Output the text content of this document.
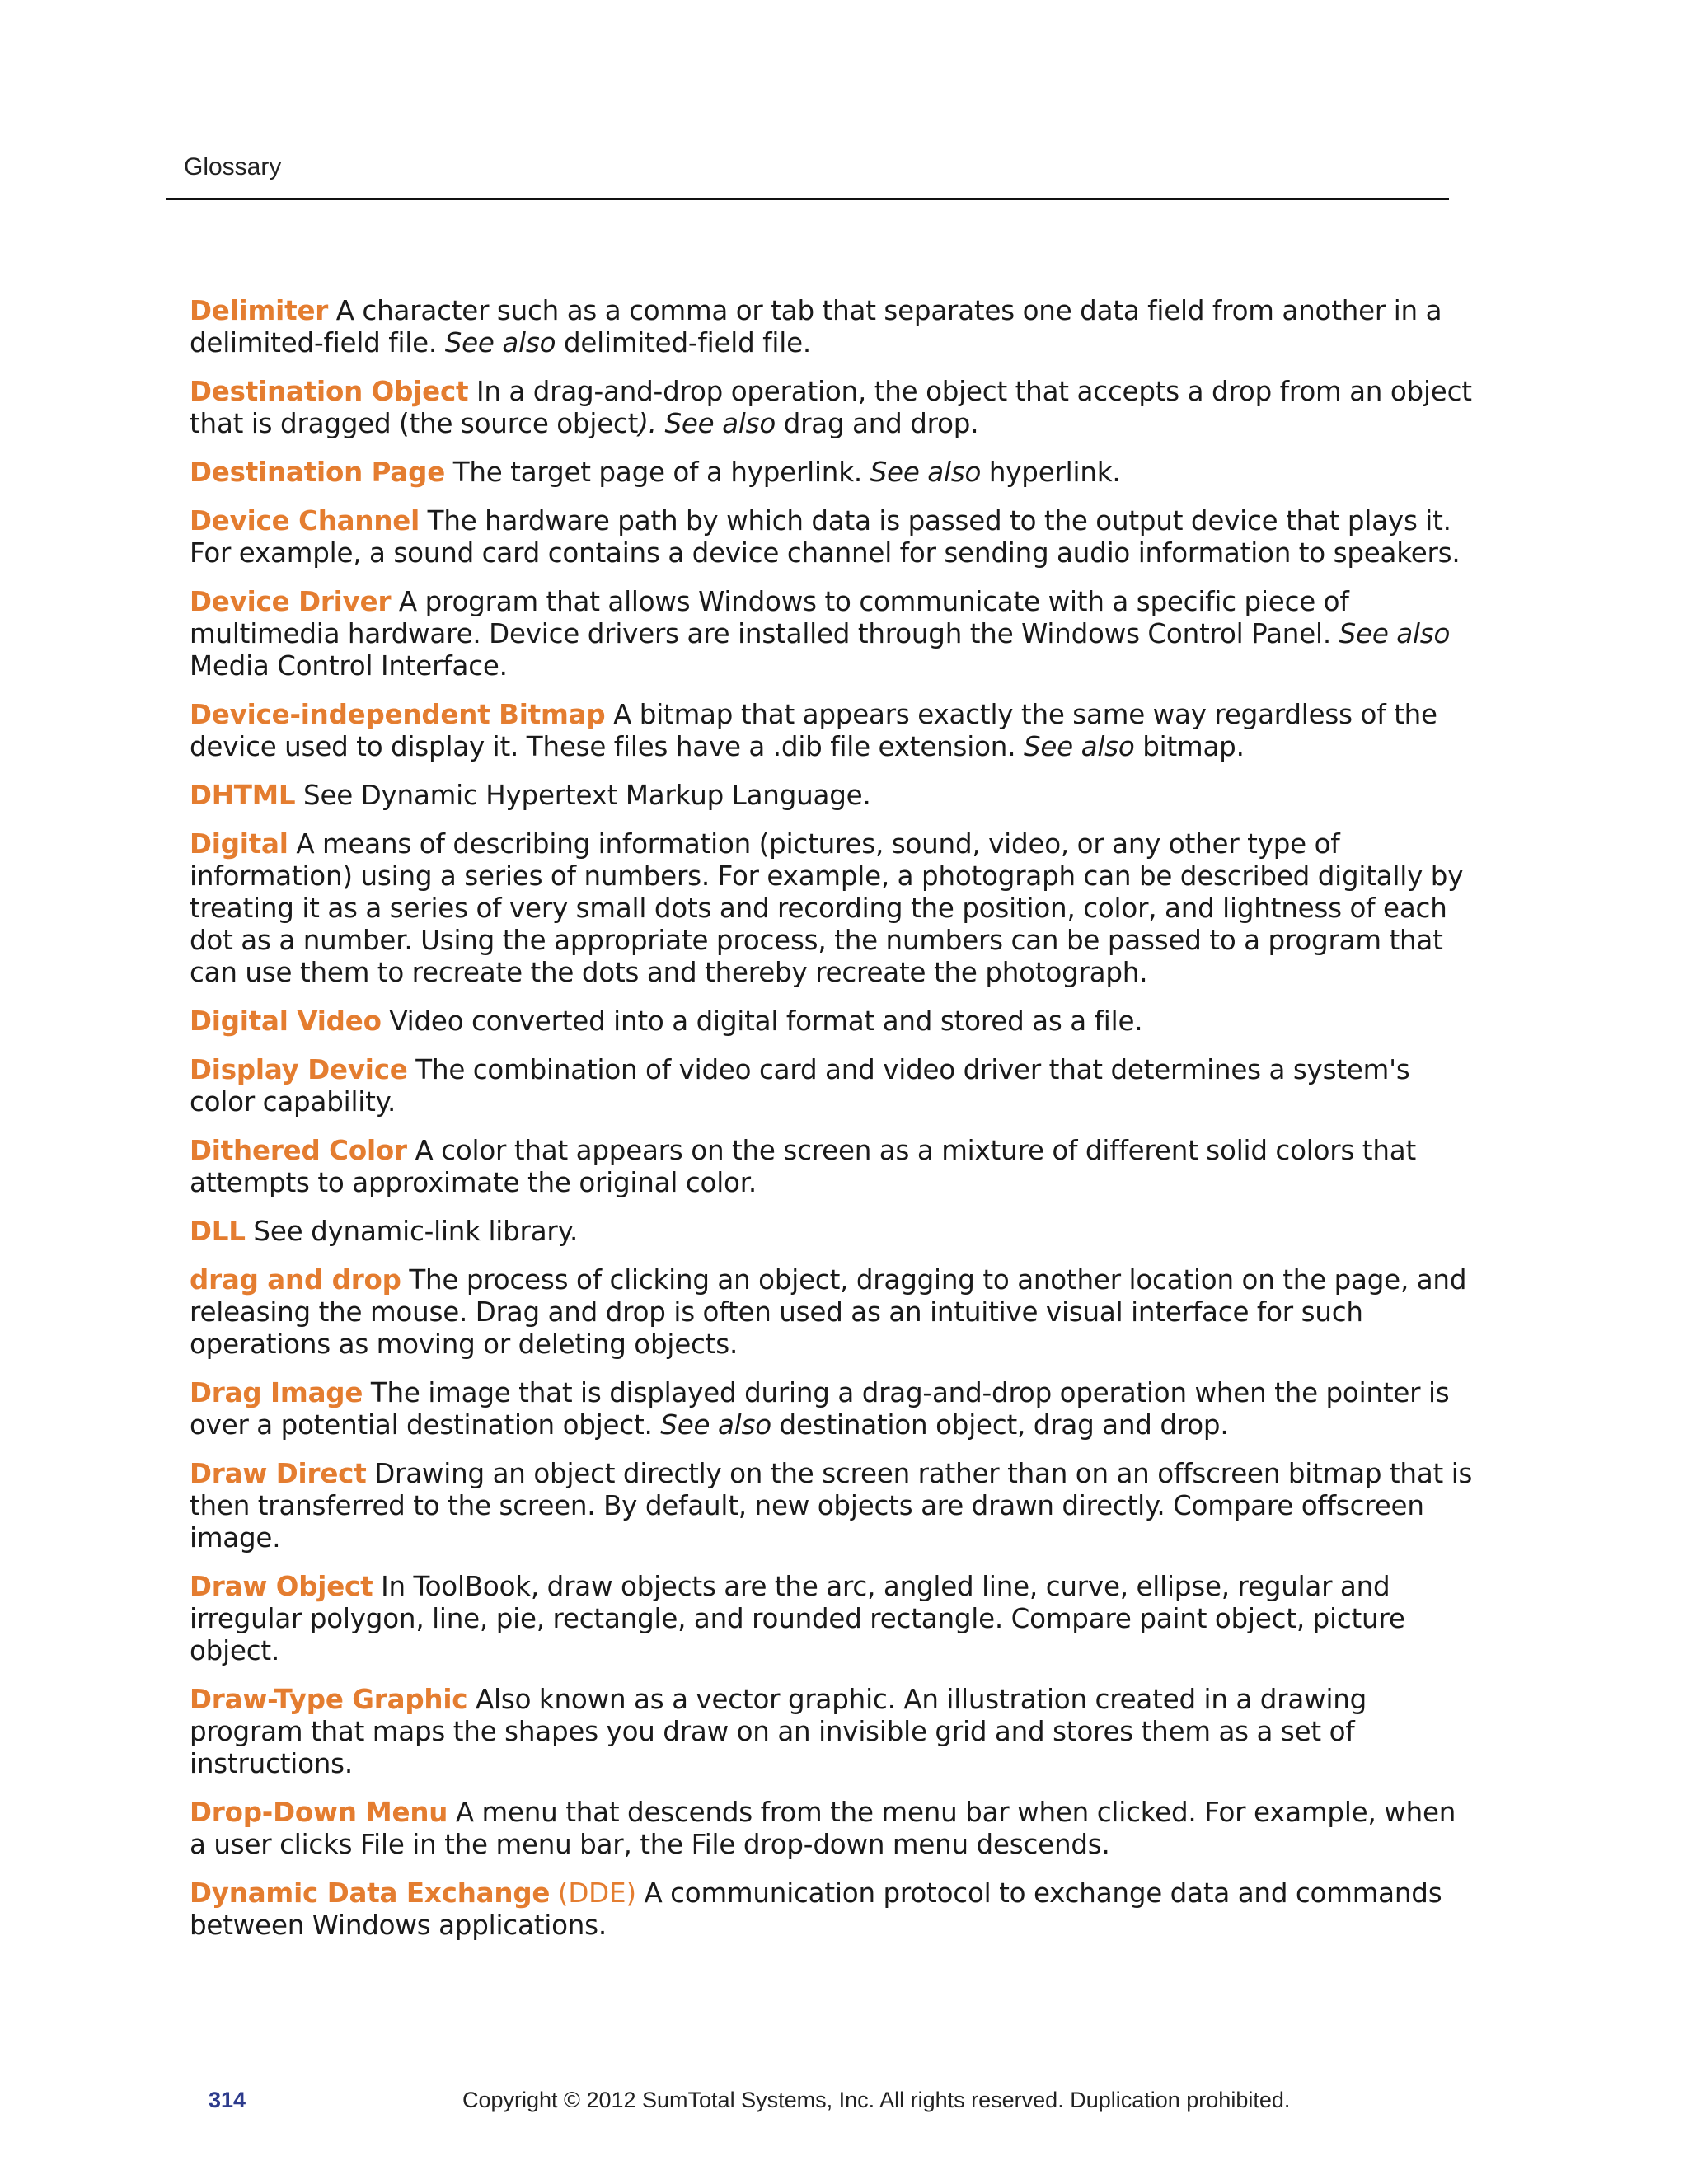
Glossary

Delimiter A character such as a comma or tab that separates one data field from another in a delimited-field file. See also delimited-field file.

Destination Object In a drag-and-drop operation, the object that accepts a drop from an object that is dragged (the source object). See also drag and drop.

Destination Page The target page of a hyperlink. See also hyperlink.

Device Channel The hardware path by which data is passed to the output device that plays it. For example, a sound card contains a device channel for sending audio information to speakers.

Device Driver A program that allows Windows to communicate with a specific piece of multimedia hardware. Device drivers are installed through the Windows Control Panel. See also Media Control Interface.

Device-independent Bitmap A bitmap that appears exactly the same way regardless of the device used to display it. These files have a .dib file extension. See also bitmap.

DHTML See Dynamic Hypertext Markup Language.

Digital A means of describing information (pictures, sound, video, or any other type of information) using a series of numbers. For example, a photograph can be described digitally by treating it as a series of very small dots and recording the position, color, and lightness of each dot as a number. Using the appropriate process, the numbers can be passed to a program that can use them to recreate the dots and thereby recreate the photograph.

Digital Video Video converted into a digital format and stored as a file.

Display Device The combination of video card and video driver that determines a system's color capability.

Dithered Color A color that appears on the screen as a mixture of different solid colors that attempts to approximate the original color.

DLL See dynamic-link library.

drag and drop The process of clicking an object, dragging to another location on the page, and releasing the mouse. Drag and drop is often used as an intuitive visual interface for such operations as moving or deleting objects.

Drag Image The image that is displayed during a drag-and-drop operation when the pointer is over a potential destination object. See also destination object, drag and drop.

Draw Direct Drawing an object directly on the screen rather than on an offscreen bitmap that is then transferred to the screen. By default, new objects are drawn directly. Compare offscreen image.

Draw Object In ToolBook, draw objects are the arc, angled line, curve, ellipse, regular and irregular polygon, line, pie, rectangle, and rounded rectangle. Compare paint object, picture object.

Draw-Type Graphic Also known as a vector graphic. An illustration created in a drawing program that maps the shapes you draw on an invisible grid and stores them as a set of instructions.

Drop-Down Menu A menu that descends from the menu bar when clicked. For example, when a user clicks File in the menu bar, the File drop-down menu descends.

Dynamic Data Exchange (DDE) A communication protocol to exchange data and commands between Windows applications.

314	Copyright © 2012 SumTotal Systems, Inc. All rights reserved. Duplication prohibited.
